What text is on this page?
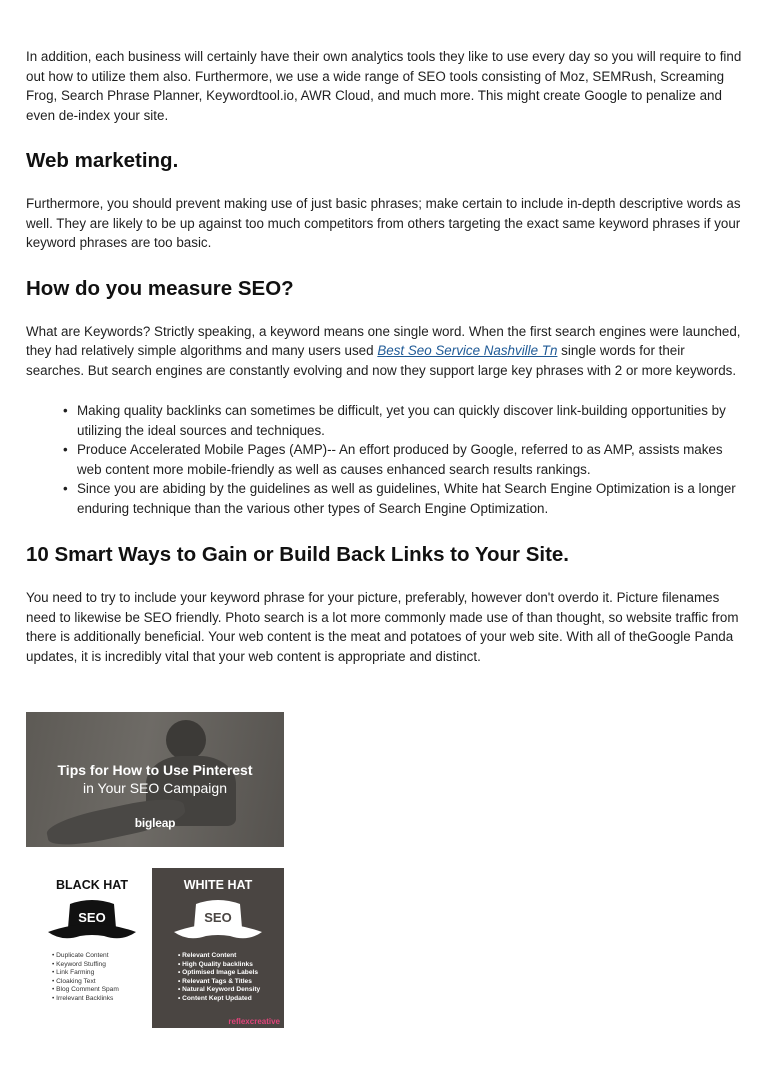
In addition, each business will certainly have their own analytics tools they like to use every day so you will require to find out how to utilize them also. Furthermore, we use a wide range of SEO tools consisting of Moz, SEMRush, Screaming Frog, Search Phrase Planner, Keywordtool.io, AWR Cloud, and much more. This might create Google to penalize and even de-index your site.

Web marketing.

Furthermore, you should prevent making use of just basic phrases; make certain to include in-depth descriptive words as well. They are likely to be up against too much competitors from others targeting the exact same keyword phrases if your keyword phrases are too basic.

How do you measure SEO?

What are Keywords? Strictly speaking, a keyword means one single word. When the first search engines were launched, they had relatively simple algorithms and many users used Best Seo Service Nashville Tn single words for their searches. But search engines are constantly evolving and now they support large key phrases with 2 or more keywords.

• Making quality backlinks can sometimes be difficult, yet you can quickly discover link-building opportunities by utilizing the ideal sources and techniques.
• Produce Accelerated Mobile Pages (AMP)-- An effort produced by Google, referred to as AMP, assists makes web content more mobile-friendly as well as causes enhanced search results rankings.
• Since you are abiding by the guidelines as well as guidelines, White hat Search Engine Optimization is a longer enduring technique than the various other types of Search Engine Optimization.
10 Smart Ways to Gain or Build Back Links to Your Site.

You need to try to include your keyword phrase for your picture, preferably, however don't overdo it. Picture filenames need to likewise be SEO friendly. Photo search is a lot more commonly made use of than thought, so website traffic from there is additionally beneficial. Your web content is the meat and potatoes of your web site. With all of theGoogle Panda updates, it is incredibly vital that your web content is appropriate and distinct.

Tips for How to Use Pinterest
in Your SEO Campaign
bigleap
BLACK HAT
SEO
• Duplicate Content
• Keyword Stuffing
• Link Farming
• Cloaking Text
• Blog Comment Spam
• Irrelevant Backlinks
WHITE HAT
SEO
• Relevant Content
• High Quality backlinks
• Optimised Image Labels
• Relevant Tags & Titles
• Natural Keyword Density
• Content Kept Updated
reflexcreative
